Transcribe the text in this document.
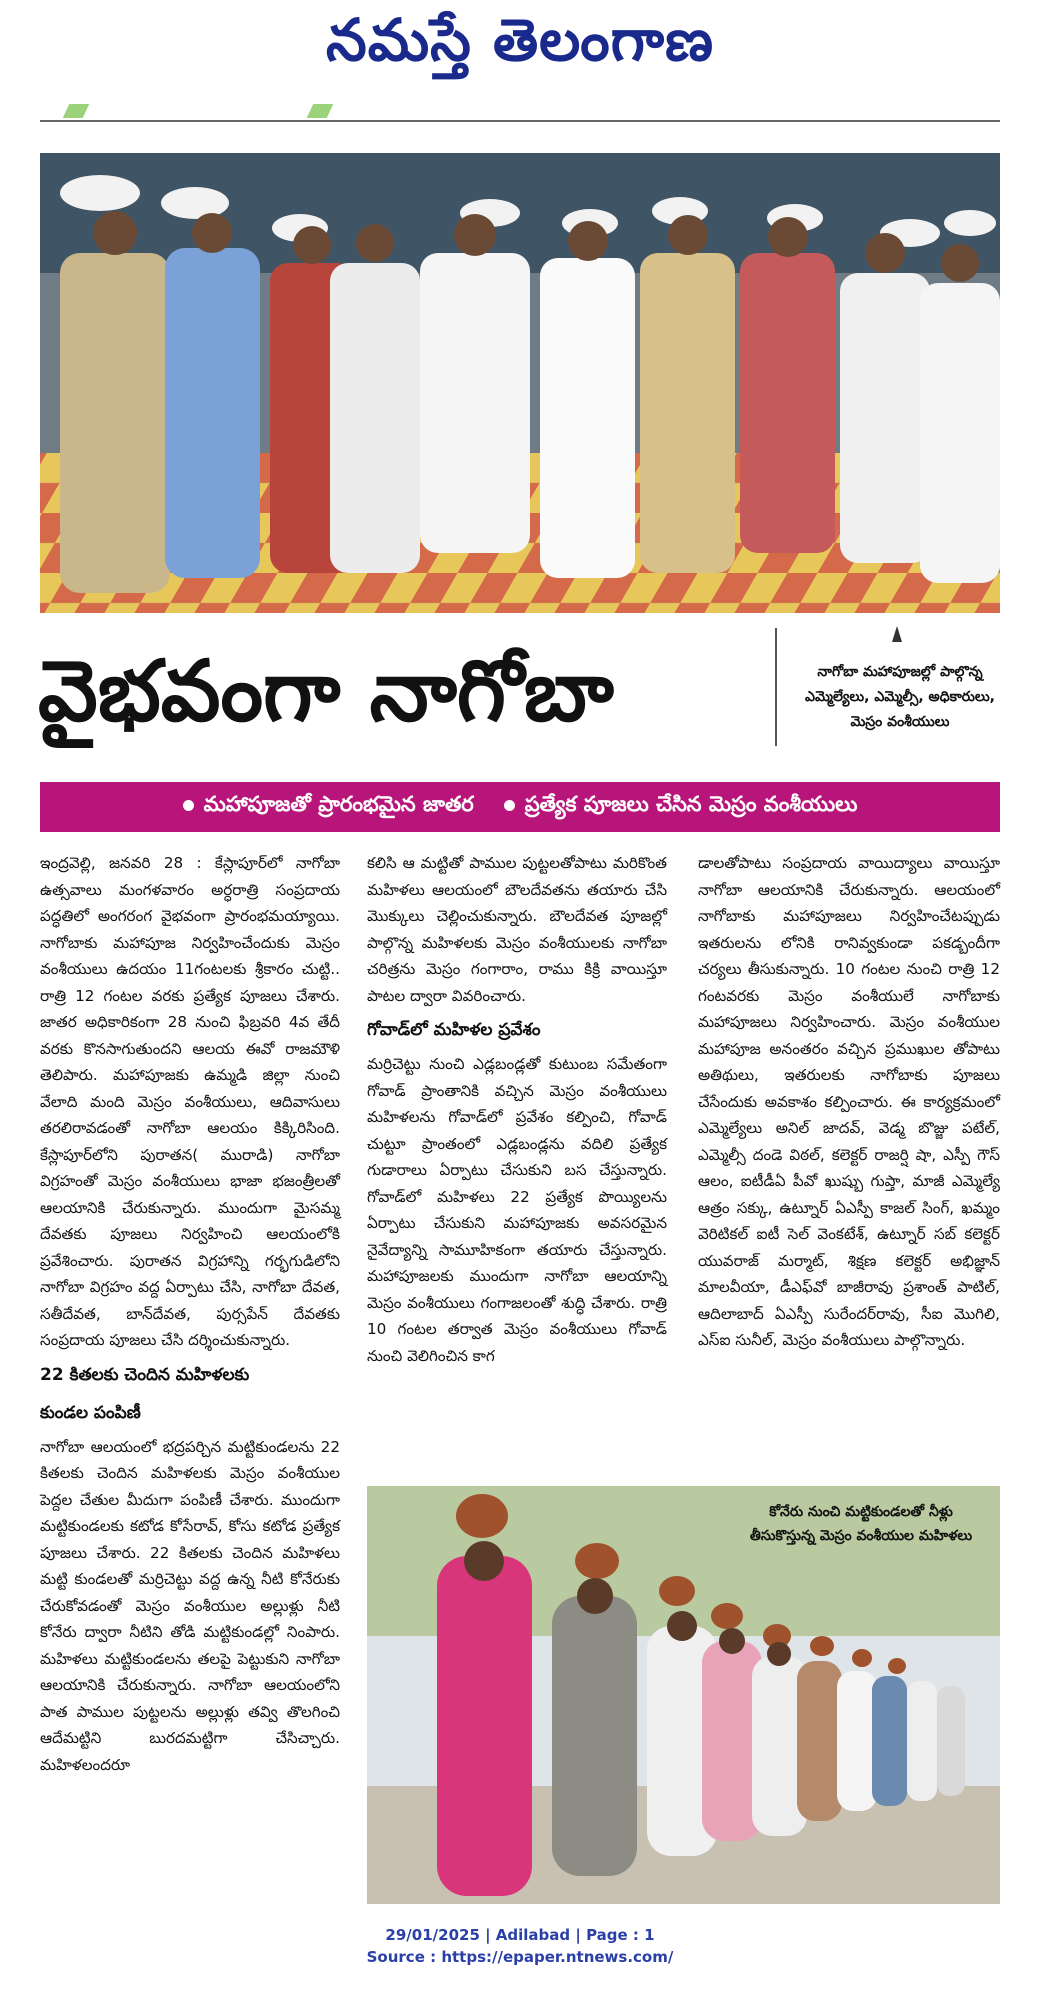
నమస్తే తెలంగాణ
వైభవంగా నాగోబా	నాగోబా మహాపూజల్లో పాల్గొన్న ఎమ్మెల్యేలు, ఎమ్మెల్సీ, అధికారులు, మెస్రం వంశీయులు
మహాపూజతో ప్రారంభమైన జాతర	ప్రత్యేక పూజలు చేసిన మెస్రం వంశీయులు

ఇంద్రవెల్లి, జనవరి 28 : కేస్లాపూర్‌లో నాగోబా ఉత్సవాలు మంగళవారం అర్ధరాత్రి సంప్రదాయ పద్ధతిలో అంగరంగ వైభవంగా ప్రారంభమయ్యాయి. నాగోబాకు మహాపూజ నిర్వహించేందుకు మెస్రం వంశీయులు ఉదయం 11గంటలకు శ్రీకారం చుట్టి.. రాత్రి 12 గంటల వరకు ప్రత్యేక పూజలు చేశారు. జాతర అధికారికంగా 28 నుంచి ఫిబ్రవరి 4వ తేదీ వరకు కొనసాగుతుందని ఆలయ ఈవో రాజమౌళి తెలిపారు. మహాపూజకు ఉమ్మడి జిల్లా నుంచి వేలాది మంది మెస్రం వంశీయులు, ఆదివాసులు తరలిరావడంతో నాగోబా ఆలయం కిక్కిరిసింది. కేస్లాపూర్‌లోని పురాతన( మురాడి) నాగోబా విగ్రహంతో మెస్రం వంశీయులు భాజా భజంత్రీలతో ఆలయానికి చేరుకున్నారు. ముందుగా మైసమ్మ దేవతకు పూజలు నిర్వహించి ఆలయంలోకి ప్రవేశించారు. పురాతన విగ్రహాన్ని గర్భగుడిలోని నాగోబా విగ్రహం వద్ద ఏర్పాటు చేసి, నాగోబా దేవత, సతీదేవత, బాన్‌దేవత, పుర్సపేన్ దేవతకు సంప్రదాయ పూజలు చేసి దర్శించుకున్నారు.

22 కితలకు చెందిన మహిళలకు
కుండల పంపిణీ

నాగోబా ఆలయంలో భద్రపర్చిన మట్టికుండలను 22 కితలకు చెందిన మహిళలకు మెస్రం వంశీయుల పెద్దల చేతుల మీదుగా పంపిణీ చేశారు. ముందుగా మట్టికుండలకు కటోడ కోసేరావ్, కోసు కటోడ ప్రత్యేక పూజలు చేశారు. 22 కితలకు చెందిన మహిళలు మట్టి కుండలతో మర్రిచెట్టు వద్ద ఉన్న నీటి కోనేరుకు చేరుకోవడంతో మెస్రం వంశీయుల అల్లుళ్లు నీటి కోనేరు ద్వారా నీటిని తోడి మట్టికుండల్లో నింపారు. మహిళలు మట్టికుండలను తలపై పెట్టుకుని నాగోబా ఆలయానికి చేరుకున్నారు. నాగోబా ఆలయంలోని పాత పాముల పుట్టలను అల్లుళ్లు తవ్వి తొలగించి ఆదేమట్టిని బురదమట్టిగా చేసిచ్చారు. మహిళలందరూ

కలిసి ఆ మట్టితో పాముల పుట్టలతోపాటు మరికొంత మహిళలు ఆలయంలో బౌలదేవతను తయారు చేసి మొక్కులు చెల్లించుకున్నారు. బౌలదేవత పూజల్లో పాల్గొన్న మహిళలకు మెస్రం వంశీయులకు నాగోబా చరిత్రను మెస్రం గంగారాం, రాము కిక్రి వాయిస్తూ పాటల ద్వారా వివరించారు.

గోవాడ్‌లో మహిళల ప్రవేశం

మర్రిచెట్టు నుంచి ఎడ్లబండ్లతో కుటుంబ సమేతంగా గోవాడ్ ప్రాంతానికి వచ్చిన మెస్రం వంశీయులు మహిళలను గోవాడ్‌లో ప్రవేశం కల్పించి, గోవాడ్ చుట్టూ ప్రాంతంలో ఎడ్లబండ్లను వదిలి ప్రత్యేక గుడారాలు ఏర్పాటు చేసుకుని బస చేస్తున్నారు. గోవాడ్‌లో మహిళలు 22 ప్రత్యేక పొయ్యిలను ఏర్పాటు చేసుకుని మహాపూజకు అవసరమైన నైవేద్యాన్ని సామూహికంగా తయారు చేస్తున్నారు. మహాపూజలకు ముందుగా నాగోబా ఆలయాన్ని మెస్రం వంశీయులు గంగాజలంతో శుద్ధి చేశారు. రాత్రి 10 గంటల తర్వాత మెస్రం వంశీయులు గోవాడ్ నుంచి వెలిగించిన కాగ

డాలతోపాటు సంప్రదాయ వాయిద్యాలు వాయిస్తూ నాగోబా ఆలయానికి చేరుకున్నారు. ఆలయంలో నాగోబాకు మహాపూజలు నిర్వహించేటప్పుడు ఇతరులను లోనికి రానివ్వకుండా పకడ్బందీగా చర్యలు తీసుకున్నారు. 10 గంటల నుంచి రాత్రి 12 గంటవరకు మెస్రం వంశీయులే నాగోబాకు మహాపూజలు నిర్వహించారు. మెస్రం వంశీయుల మహాపూజ అనంతరం వచ్చిన ప్రముఖుల తోపాటు అతిథులు, ఇతరులకు నాగోబాకు పూజలు చేసేందుకు అవకాశం కల్పించారు. ఈ కార్యక్రమంలో ఎమ్మెల్యేలు అనిల్ జాదవ్, వెడ్మ బొజ్జు పటేల్, ఎమ్మెల్సీ దండె విఠల్, కలెక్టర్ రాజర్షి షా, ఎస్పీ గౌస్ ఆలం, ఐటీడీఏ పీవో ఖుష్బు గుప్తా, మాజీ ఎమ్మెల్యే ఆత్రం సక్కు, ఉట్నూర్ ఏఎస్పీ కాజల్ సింగ్, ఖమ్మం వెరిటికల్ ఐటీ సెల్ వెంకటేశ్, ఉట్నూర్ సబ్ కలెక్టర్ యువరాజ్ మర్మాట్, శిక్షణ కలెక్టర్ అభిజ్ఞాన్ మాలవీయా, డీఎఫ్‌వో బాజీరావు ప్రశాంత్ పాటిల్, ఆదిలాబాద్ ఏఎస్పీ సురేందర్‌రావు, సీఐ మొగిలి, ఎస్ఐ సునీల్, మెస్రం వంశీయులు పాల్గొన్నారు.

కోనేరు నుంచి మట్టికుండలతో నీళ్లు తీసుకొస్తున్న మెస్రం వంశీయుల మహిళలు
29/01/2025 | Adilabad | Page : 1
Source : https://epaper.ntnews.com/
